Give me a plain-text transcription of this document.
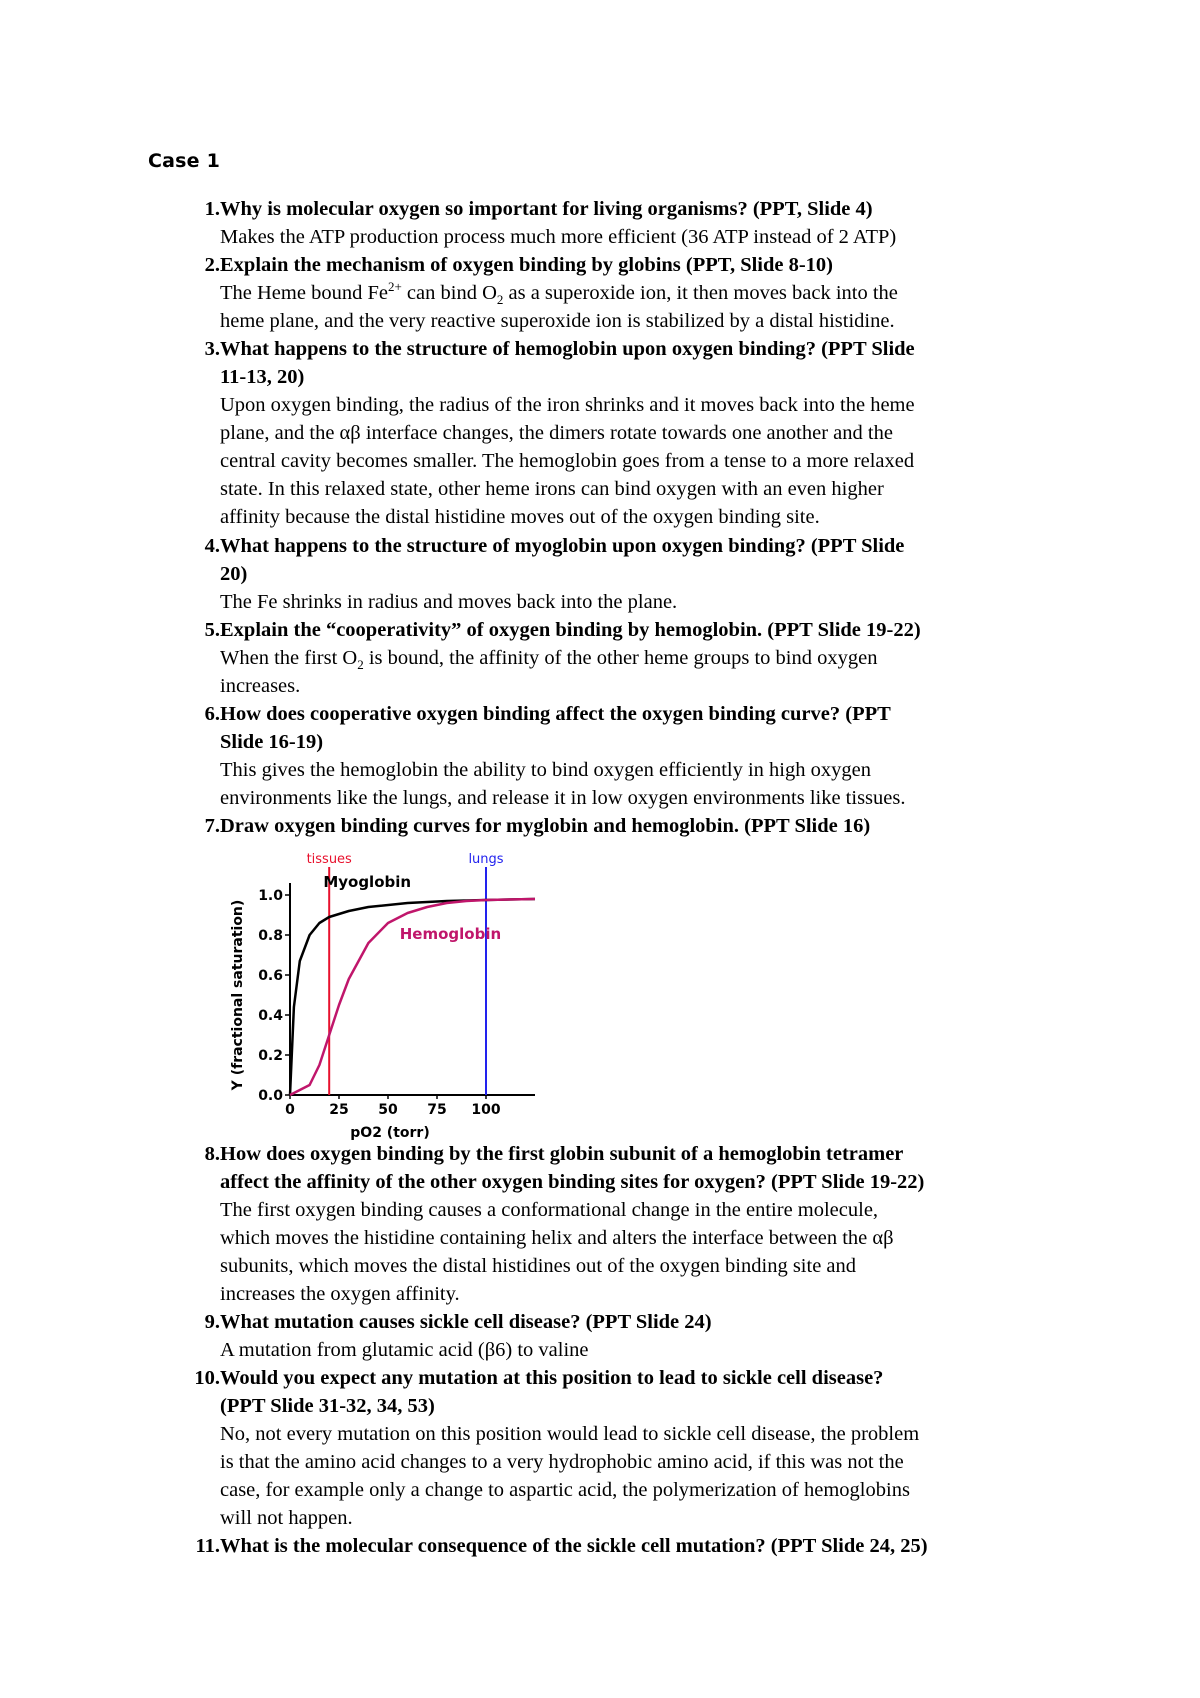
Case 1
1. Why is molecular oxygen so important for living organisms? (PPT, Slide 4)
Makes the ATP production process much more efficient (36 ATP instead of 2 ATP)
2. Explain the mechanism of oxygen binding by globins (PPT, Slide 8-10)
The Heme bound $Fe^{2+}$ can bind $O_2$ as a superoxide ion, it then moves back into the
heme plane, and the very reactive superoxide ion is stabilized by a distal histidine.
3. What happens to the structure of hemoglobin upon oxygen binding? (PPT Slide
11-13, 20)
Upon oxygen binding, the radius of the iron shrinks and it moves back into the heme
plane, and the αβ interface changes, the dimers rotate towards one another and the
central cavity becomes smaller. The hemoglobin goes from a tense to a more relaxed
state. In this relaxed state, other heme irons can bind oxygen with an even higher
affinity because the distal histidine moves out of the oxygen binding site.
4. What happens to the structure of myoglobin upon oxygen binding? (PPT Slide
20)
The Fe shrinks in radius and moves back into the plane.
5. Explain the “cooperativity” of oxygen binding by hemoglobin. (PPT Slide 19-22)
When the first $O_2$ is bound, the affinity of the other heme groups to bind oxygen
increases.
6. How does cooperative oxygen binding affect the oxygen binding curve? (PPT
Slide 16-19)
This gives the hemoglobin the ability to bind oxygen efficiently in high oxygen
environments like the lungs, and release it in low oxygen environments like tissues.
7. Draw oxygen binding curves for myglobin and hemoglobin. (PPT Slide 16)
0.0
0.2
0.4
0.6
0.8
1.0
0 25 50 75 100
pO2 (torr)
Y (fractional saturation)
tissues	lungs
Myoglobin
Hemoglobin
8. How does oxygen binding by the first globin subunit of a hemoglobin tetramer
affect the affinity of the other oxygen binding sites for oxygen? (PPT Slide 19-22)
The first oxygen binding causes a conformational change in the entire molecule,
which moves the histidine containing helix and alters the interface between the αβ
subunits, which moves the distal histidines out of the oxygen binding site and
increases the oxygen affinity.
9. What mutation causes sickle cell disease? (PPT Slide 24)
A mutation from glutamic acid (β6) to valine
10. Would you expect any mutation at this position to lead to sickle cell disease?
(PPT Slide 31-32, 34, 53)
No, not every mutation on this position would lead to sickle cell disease, the problem
is that the amino acid changes to a very hydrophobic amino acid, if this was not the
case, for example only a change to aspartic acid, the polymerization of hemoglobins
will not happen.
11. What is the molecular consequence of the sickle cell mutation? (PPT Slide 24, 25)
